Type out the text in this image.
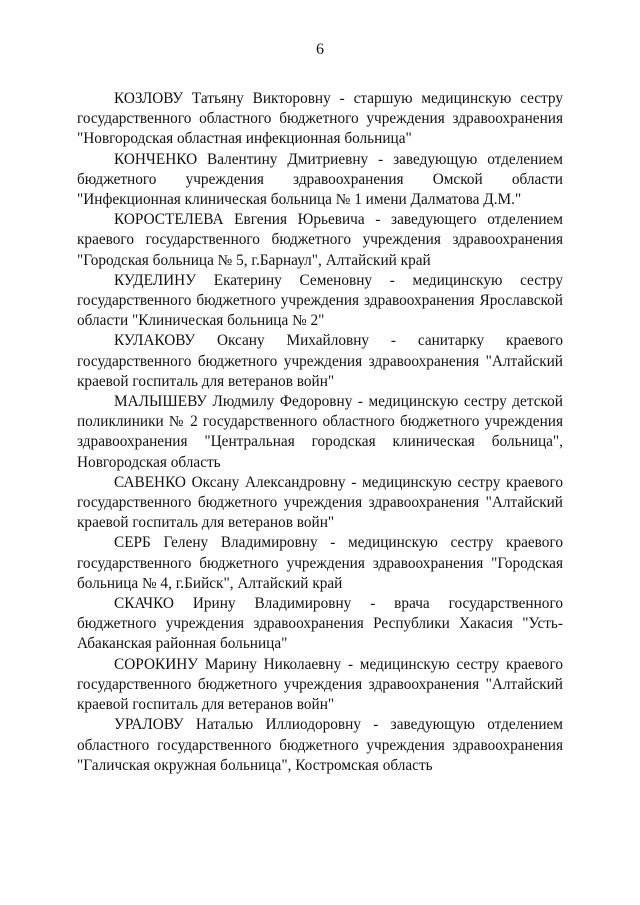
6

КОЗЛОВУ Татьяну Викторовну - старшую медицинскую сестру государственного областного бюджетного учреждения здравоохранения "Новгородская областная инфекционная больница"

КОНЧЕНКО Валентину Дмитриевну - заведующую отделением бюджетного учреждения здравоохранения Омской области "Инфекционная клиническая больница № 1 имени Далматова Д.М."

КОРОСТЕЛЕВА Евгения Юрьевича - заведующего отделением краевого государственного бюджетного учреждения здравоохранения "Городская больница № 5, г.Барнаул", Алтайский край

КУДЕЛИНУ Екатерину Семеновну - медицинскую сестру государственного бюджетного учреждения здравоохранения Ярославской области "Клиническая больница № 2"

КУЛАКОВУ Оксану Михайловну - санитарку краевого государственного бюджетного учреждения здравоохранения "Алтайский краевой госпиталь для ветеранов войн"

МАЛЫШЕВУ Людмилу Федоровну - медицинскую сестру детской поликлиники № 2 государственного областного бюджетного учреждения здравоохранения "Центральная городская клиническая больница", Новгородская область

САВЕНКО Оксану Александровну - медицинскую сестру краевого государственного бюджетного учреждения здравоохранения "Алтайский краевой госпиталь для ветеранов войн"

СЕРБ Гелену Владимировну - медицинскую сестру краевого государственного бюджетного учреждения здравоохранения "Городская больница № 4, г.Бийск", Алтайский край

СКАЧКО Ирину Владимировну - врача государственного бюджетного учреждения здравоохранения Республики Хакасия "Усть-Абаканская районная больница"

СОРОКИНУ Марину Николаевну - медицинскую сестру краевого государственного бюджетного учреждения здравоохранения "Алтайский краевой госпиталь для ветеранов войн"

УРАЛОВУ Наталью Иллиодоровну - заведующую отделением областного государственного бюджетного учреждения здравоохранения "Галичская окружная больница", Костромская область
